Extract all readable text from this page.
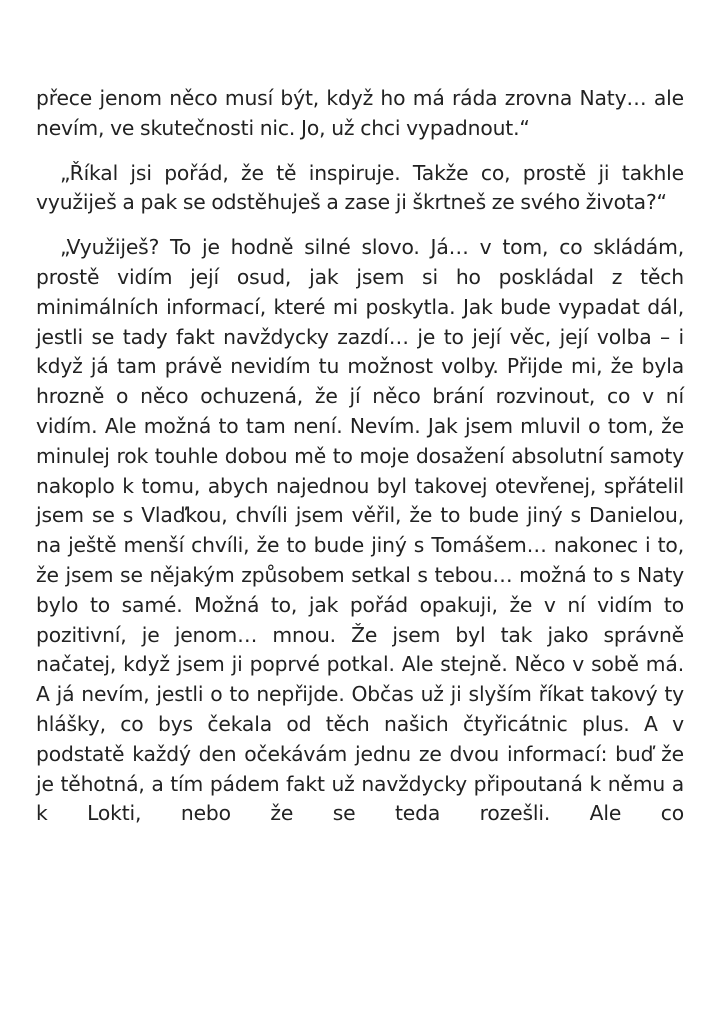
přece jenom něco musí být, když ho má ráda zrovna Naty… ale nevím, ve skutečnosti nic. Jo, už chci vypadnout.“

„Říkal jsi pořád, že tě inspiruje. Takže co, prostě ji takhle využiješ a pak se odstěhuješ a zase ji škrtneš ze svého života?“

„Využiješ? To je hodně silné slovo. Já… v tom, co skládám, prostě vidím její osud, jak jsem si ho poskládal z těch minimálních informací, které mi poskytla. Jak bude vypadat dál, jestli se tady fakt navždycky zazdí… je to její věc, její volba – i když já tam právě nevidím tu možnost volby. Přijde mi, že byla hrozně o něco ochuzená, že jí něco brání rozvinout, co v ní vidím. Ale možná to tam není. Nevím. Jak jsem mluvil o tom, že minulej rok touhle dobou mě to moje dosažení absolutní samoty nakoplo k tomu, abych najednou byl takovej otevřenej, spřátelil jsem se s Vlaďkou, chvíli jsem věřil, že to bude jiný s Danielou, na ještě menší chvíli, že to bude jiný s Tomášem… nakonec i to, že jsem se nějakým způsobem setkal s tebou… možná to s Naty bylo to samé. Možná to, jak pořád opakuji, že v ní vidím to pozitivní, je jenom… mnou. Že jsem byl tak jako správně načatej, když jsem ji poprvé potkal. Ale stejně. Něco v sobě má. A já nevím, jestli o to nepřijde. Občas už ji slyším říkat takový ty hlášky, co bys čekala od těch našich čtyřicátnic plus. A v podstatě každý den očekávám jednu ze dvou informací: buď že je těhotná, a tím pádem fakt už navždycky připoutaná k němu a k Lokti, nebo že se teda rozešli. Ale co
